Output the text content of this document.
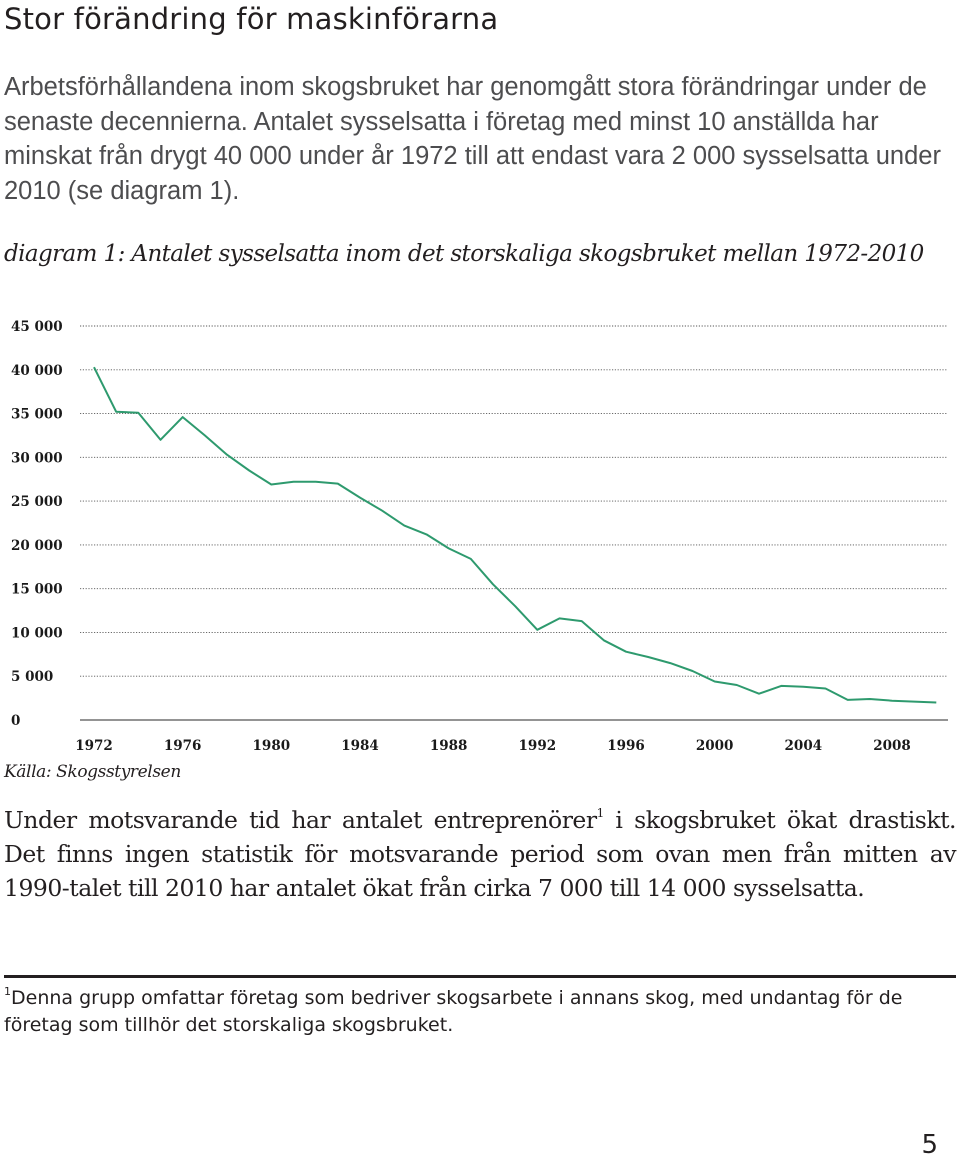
Stor förändring för maskinförarna

Arbetsförhållandena inom skogsbruket har genomgått stora förändringar under de senaste decennierna. Antalet sysselsatta i företag med minst 10 anställda har minskat från drygt 40 000 under år 1972 till att endast vara 2 000 sysselsatta under 2010 (se diagram 1).

diagram 1: Antalet sysselsatta inom det storskaliga skogsbruket mellan 1972-2010

0
5 000
10 000
15 000
20 000
25 000
30 000
35 000
40 000
45 000
1972	1976	1980	1984	1988	1992	1996	2000	2004	2008

Källa: Skogsstyrelsen

Under motsvarande tid har antalet entreprenörer$^1$ i skogsbruket ökat drastiskt. Det finns ingen statistik för motsvarande period som ovan men från mitten av 1990-talet till 2010 har antalet ökat från cirka 7 000 till 14 000 sysselsatta.

$^1$Denna grupp omfattar företag som bedriver skogsarbete i annans skog, med undantag för de företag som tillhör det storskaliga skogsbruket.

5
